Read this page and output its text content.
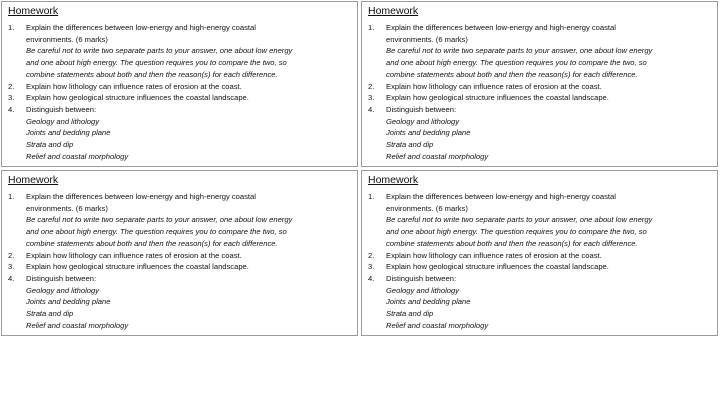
Homework
1. Explain the differences between low-energy and high-energy coastal
environments. (6 marks)
Be careful not to write two separate parts to your answer, one about low energy
and one about high energy. The question requires you to compare the two, so
combine statements about both and then the reason(s) for each difference.
2. Explain how lithology can influence rates of erosion at the coast.
3. Explain how geological structure influences the coastal landscape.
4. Distinguish between:
Geology and lithology
Joints and bedding plane
Strata and dip
Relief and coastal morphology
Homework
1. Explain the differences between low-energy and high-energy coastal
environments. (6 marks)
Be careful not to write two separate parts to your answer, one about low energy
and one about high energy. The question requires you to compare the two, so
combine statements about both and then the reason(s) for each difference.
2. Explain how lithology can influence rates of erosion at the coast.
3. Explain how geological structure influences the coastal landscape.
4. Distinguish between:
Geology and lithology
Joints and bedding plane
Strata and dip
Relief and coastal morphology
Homework
1. Explain the differences between low-energy and high-energy coastal
environments. (6 marks)
Be careful not to write two separate parts to your answer, one about low energy
and one about high energy. The question requires you to compare the two, so
combine statements about both and then the reason(s) for each difference.
2. Explain how lithology can influence rates of erosion at the coast.
3. Explain how geological structure influences the coastal landscape.
4. Distinguish between:
Geology and lithology
Joints and bedding plane
Strata and dip
Relief and coastal morphology
Homework
1. Explain the differences between low-energy and high-energy coastal
environments. (6 marks)
Be careful not to write two separate parts to your answer, one about low energy
and one about high energy. The question requires you to compare the two, so
combine statements about both and then the reason(s) for each difference.
2. Explain how lithology can influence rates of erosion at the coast.
3. Explain how geological structure influences the coastal landscape.
4. Distinguish between:
Geology and lithology
Joints and bedding plane
Strata and dip
Relief and coastal morphology
